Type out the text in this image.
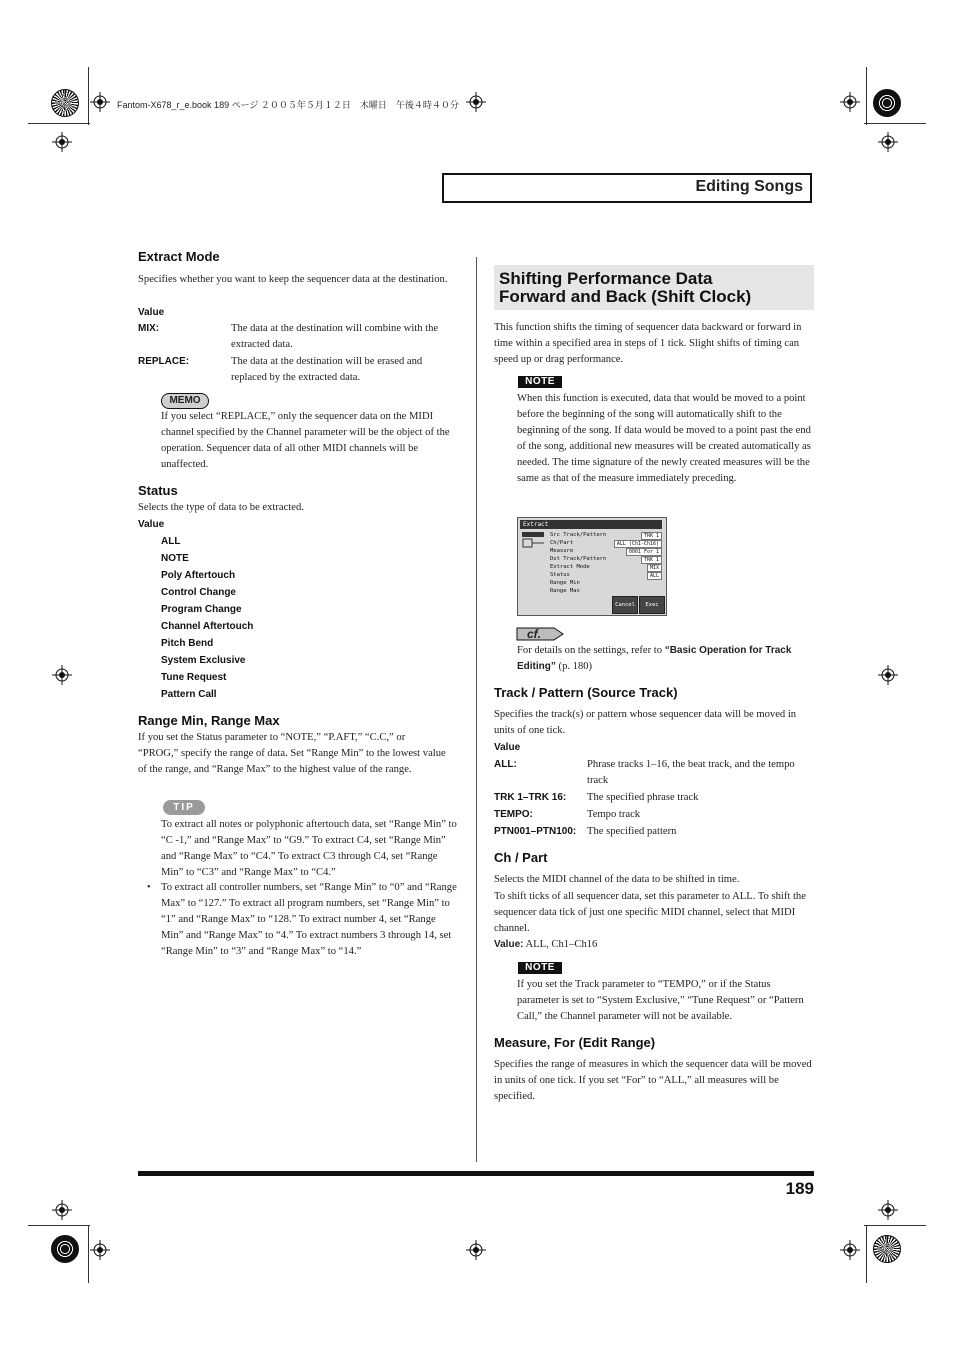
Fantom-X678_r_e.book 189 ページ ２００５年５月１２日　木曜日　午後４時４０分
Editing Songs
Extract Mode
Specifies whether you want to keep the sequencer data at the destination.
Value
MIX:	The data at the destination will combine with the extracted data.
REPLACE:	The data at the destination will be erased and replaced by the extracted data.
MEMO
If you select “REPLACE,” only the sequencer data on the MIDI channel specified by the Channel parameter will be the object of the operation. Sequencer data of all other MIDI channels will be unaffected.
Status
Selects the type of data to be extracted.
Value
ALL
NOTE
Poly Aftertouch
Control Change
Program Change
Channel Aftertouch
Pitch Bend
System Exclusive
Tune Request
Pattern Call
Range Min, Range Max
If you set the Status parameter to “NOTE,” “P.AFT,” “C.C,” or “PROG,” specify the range of data. Set “Range Min” to the lowest value of the range, and “Range Max” to the highest value of the range.
TIP
To extract all notes or polyphonic aftertouch data, set “Range Min” to “C -1,” and “Range Max” to “G9.” To extract C4, set “Range Min” and “Range Max” to “C4.” To extract C3 through C4, set “Range Min” to “C3” and “Range Max” to “C4.”
• To extract all controller numbers, set “Range Min” to “0” and “Range Max” to “127.” To extract all program numbers, set “Range Min” to “1” and “Range Max” to “128.” To extract number 4, set “Range Min” and “Range Max” to “4.” To extract numbers 3 through 14, set “Range Min” to “3” and “Range Max” to “14.”
Shifting Performance Data
Forward and Back (Shift Clock)
This function shifts the timing of sequencer data backward or forward in time within a specified area in steps of 1 tick. Slight shifts of timing can speed up or drag performance.
NOTE
When this function is executed, data that would be moved to a point before the beginning of the song will automatically shift to the beginning of the song. If data would be moved to a point past the end of the song, additional new measures will be created automatically as needed. The time signature of the newly created measures will be the same as that of the measure immediately preceding.
Extract
Src Track/Pattern	TRK 1
Ch/Part	ALL (Ch1-Ch16)
Measure	0001 For 1
Dst Track/Pattern	TRK 1
Extract Mode	MIX
Status	ALL
Range Min
Range Max
Cancel	Exec
cf.
For details on the settings, refer to “Basic Operation for Track Editing” (p. 180)
Track / Pattern (Source Track)
Specifies the track(s) or pattern whose sequencer data will be moved in units of one tick.
Value
ALL:	Phrase tracks 1–16, the beat track, and the tempo track
TRK 1–TRK 16: The specified phrase track
TEMPO:	Tempo track
PTN001–PTN100: The specified pattern
Ch / Part
Selects the MIDI channel of the data to be shifted in time.
To shift ticks of all sequencer data, set this parameter to ALL. To shift the sequencer data tick of just one specific MIDI channel, select that MIDI channel.
Value: ALL, Ch1–Ch16
NOTE
If you set the Track parameter to “TEMPO,” or if the Status parameter is set to “System Exclusive,” “Tune Request” or “Pattern Call,” the Channel parameter will not be available.
Measure, For (Edit Range)
Specifies the range of measures in which the sequencer data will be moved in units of one tick. If you set “For” to “ALL,” all measures will be specified.
189
